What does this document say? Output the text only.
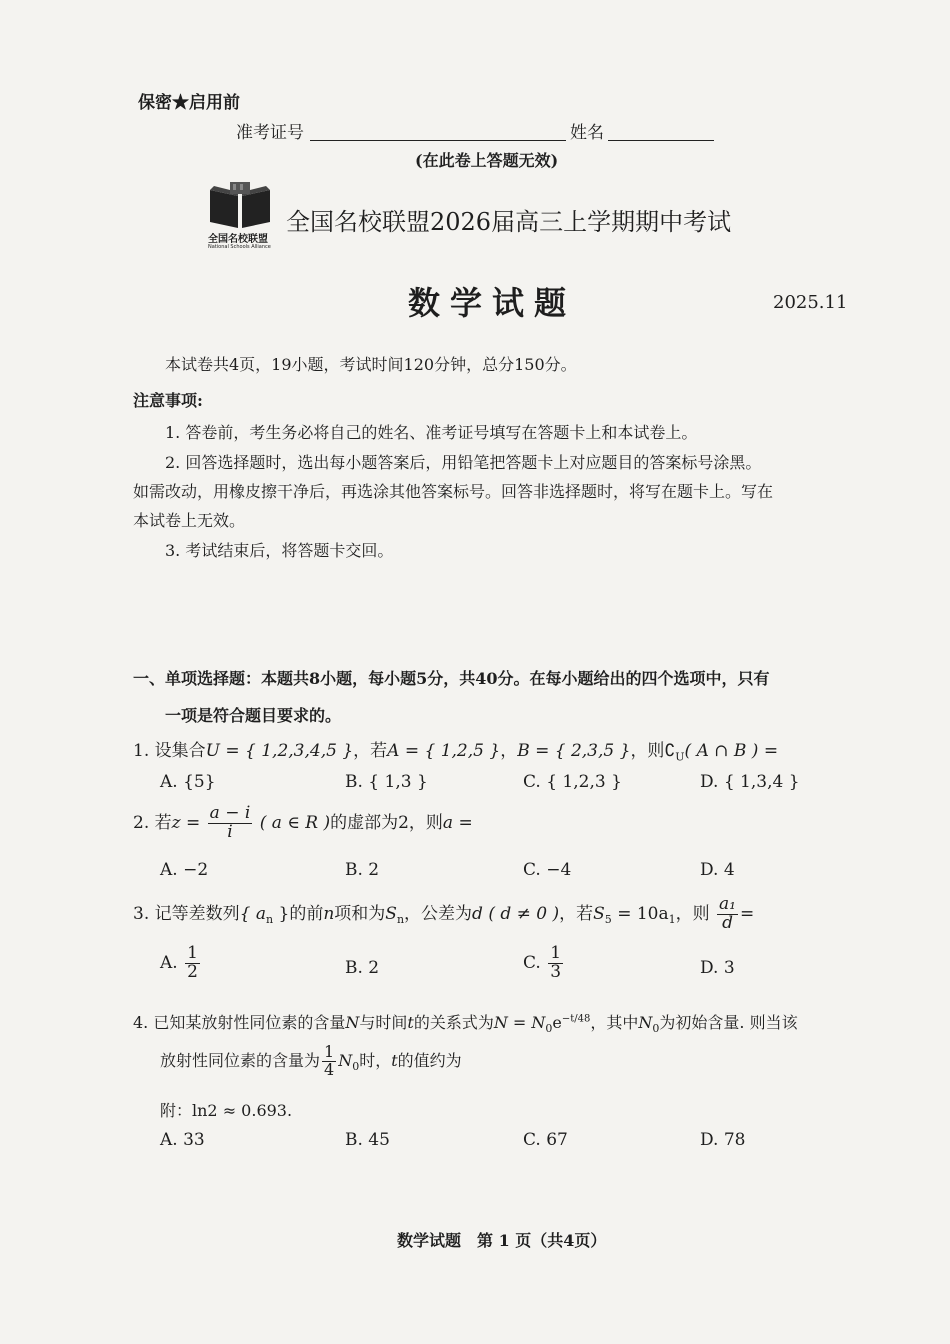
保密★启用前
准考证号	姓名
(在此卷上答题无效)
全国名校联盟
National Schools Alliance
全国名校联盟2026届高三上学期期中考试
数学试题	2025.11
本试卷共4页，19小题，考试时间120分钟，总分150分。
注意事项:
1. 答卷前，考生务必将自己的姓名、准考证号填写在答题卡上和本试卷上。
2. 回答选择题时，选出每小题答案后，用铅笔把答题卡上对应题目的答案标号涂黑。
如需改动，用橡皮擦干净后，再选涂其他答案标号。回答非选择题时，将写在题卡上。写在
本试卷上无效。
3. 考试结束后，将答题卡交回。
一、单项选择题：本题共8小题，每小题5分，共40分。在每小题给出的四个选项中，只有
一项是符合题目要求的。
1. 设集合U = { 1,2,3,4,5 }，若A = { 1,2,5 }，B = { 2,3,5 }，则$∁_U$( A ∩ B ) =
A. {5}	B. { 1,3 }	C. { 1,2,3 }	D. { 1,3,4 }
2. 若$z = \frac{a - i}{i}$ ( a ∈ R )的虚部为2，则a =
A. −2	B. 2	C. −4	D. 4
3. 记等差数列{ $a_n$ }的前n项和为$S_n$，公差为d ( d ≠ 0 )，若$S_5 = 10a_1$，则 $\frac{\text{a₁}}{d}$ =
A. $\frac{1}{2}$	B. 2	C. $\frac{1}{3}$	D. 3
4. 已知某放射性同位素的含量N与时间t的关系式为$N = N_0e^{-t/48}$，其中$N_0$为初始含量. 则当该
放射性同位素的含量为 $\frac{1}{4} N_0$时，t的值约为
附：ln2 ≈ 0.693.
A. 33	B. 45	C. 67	D. 78
数学试题　第 1 页（共4页）
